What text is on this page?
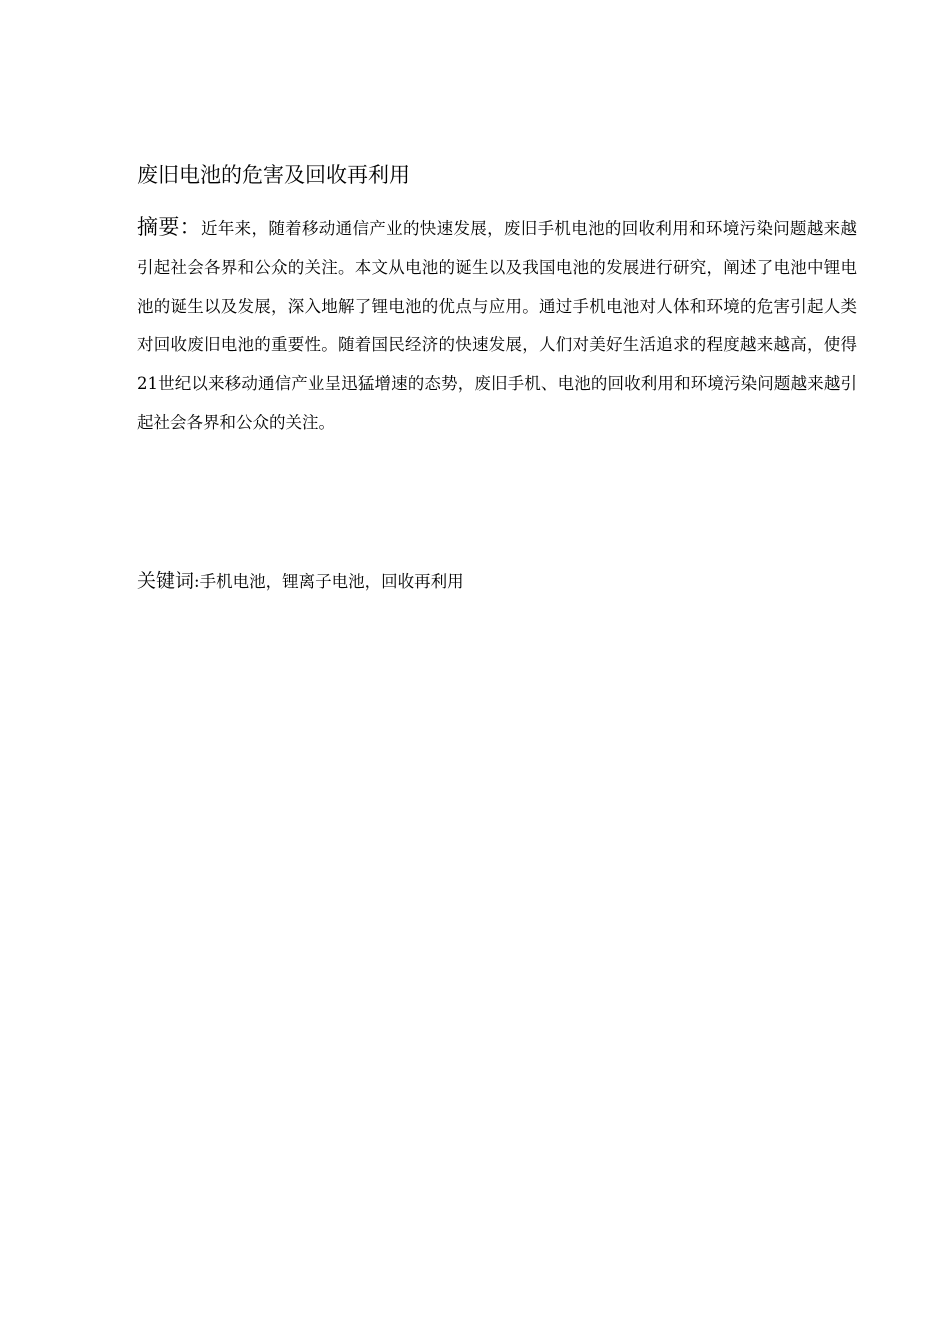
废旧电池的危害及回收再利用
摘要：近年来，随着移动通信产业的快速发展，废旧手机电池的回收利用和环境污染问题越来越引起社会各界和公众的关注。本文从电池的诞生以及我国电池的发展进行研究，阐述了电池中锂电池的诞生以及发展，深入地解了锂电池的优点与应用。通过手机电池对人体和环境的危害引起人类对回收废旧电池的重要性。随着国民经济的快速发展，人们对美好生活追求的程度越来越高，使得21世纪以来移动通信产业呈迅猛增速的态势，废旧手机、电池的回收利用和环境污染问题越来越引起社会各界和公众的关注。
关键词:手机电池，锂离子电池，回收再利用
